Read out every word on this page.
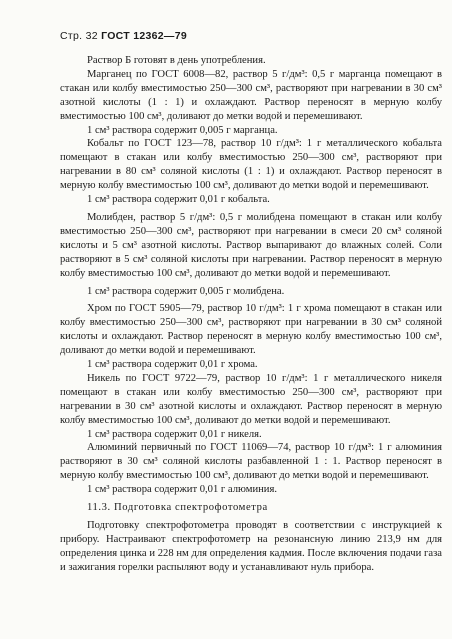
Стр. 32 ГОСТ 12362—79

Раствор Б готовят в день употребления.

Марганец по ГОСТ 6008—82, раствор 5 г/дм³: 0,5 г марганца помещают в стакан или колбу вместимостью 250—300 см³, растворяют при нагревании в 30 см³ азотной кислоты (1 : 1) и охлаждают. Раствор переносят в мерную колбу вместимостью 100 см³, доливают до метки водой и перемешивают.

1 см³ раствора содержит 0,005 г марганца.

Кобальт по ГОСТ 123—78, раствор 10 г/дм³: 1 г металлического кобальта помещают в стакан или колбу вместимостью 250—300 см³, растворяют при нагревании в 80 см³ соляной кислоты (1 : 1) и охлаждают. Раствор переносят в мерную колбу вместимостью 100 см³, доливают до метки водой и перемешивают.

1 см³ раствора содержит 0,01 г кобальта.

Молибден, раствор 5 г/дм³: 0,5 г молибдена помещают в стакан или колбу вместимостью 250—300 см³, растворяют при нагревании в смеси 20 см³ соляной кислоты и 5 см³ азотной кислоты. Раствор выпаривают до влажных солей. Соли растворяют в 5 см³ соляной кислоты при нагревании. Раствор переносят в мерную колбу вместимостью 100 см³, доливают до метки водой и перемешивают.

1 см³ раствора содержит 0,005 г молибдена.

Хром по ГОСТ 5905—79, раствор 10 г/дм³: 1 г хрома помещают в стакан или колбу вместимостью 250—300 см³, растворяют при нагревании в 30 см³ соляной кислоты и охлаждают. Раствор переносят в мерную колбу вместимостью 100 см³, доливают до метки водой и перемешивают.

1 см³ раствора содержит 0,01 г хрома.

Никель по ГОСТ 9722—79, раствор 10 г/дм³: 1 г металлического никеля помещают в стакан или колбу вместимостью 250—300 см³, растворяют при нагревании в 30 см³ азотной кислоты и охлаждают. Раствор переносят в мерную колбу вместимостью 100 см³, доливают до метки водой и перемешивают.

1 см³ раствора содержит 0,01 г никеля.

Алюминий первичный по ГОСТ 11069—74, раствор 10 г/дм³: 1 г алюминия растворяют в 30 см³ соляной кислоты разбавленной 1 : 1. Раствор переносят в мерную колбу вместимостью 100 см³, доливают до метки водой и перемешивают.

1 см³ раствора содержит 0,01 г алюминия.

11.3. Подготовка спектрофотометра

Подготовку спектрофотометра проводят в соответствии с инструкцией к прибору. Настраивают спектрофотометр на резонансную линию 213,9 нм для определения цинка и 228 нм для определения кадмия. После включения подачи газа и зажигания горелки распыляют воду и устанавливают нуль прибора.
